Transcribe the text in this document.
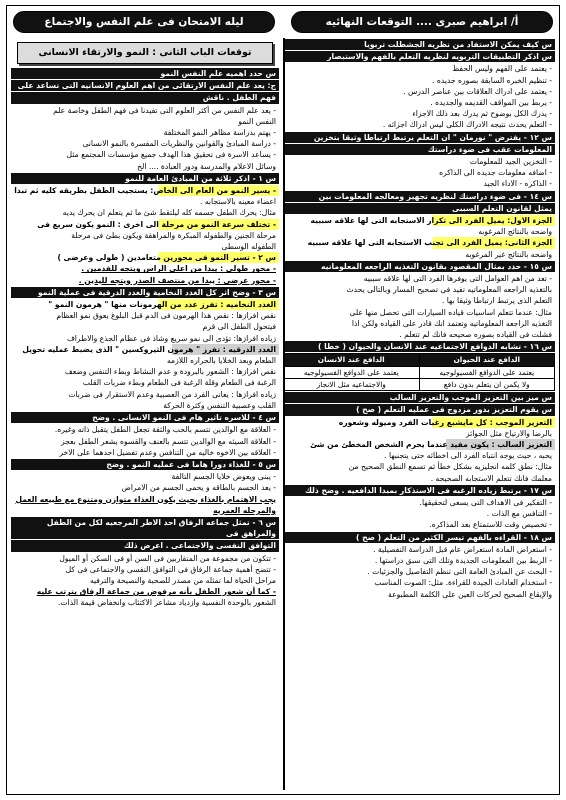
أ/ ابراهيم صبرى .... التوقعات النهائيه
ليله الامتحان فى علم النفس والاجتماع
س كيف يمكن الاستفاد من نظريه الجشطلت تربويا
س اذكر التطبيقات التربويه لنظريه التعلم بالفهم والاستبصار
- يعتمد على الفهم وليس الحفظ
- تنظيم الخبره السابقة بصوره جديده .
- يعتمد على ادراك العلاقات بين عناصر الدرس .
- يربط بين المواقف القديمه والجديده .
- يدرك الكل بوضوح ثم يدرك بعد ذلك الاجزاء
- التعلم يحدث نتيجه الادراك الكلى ليس ادراك اجزائه .
س ١٢ - يفترض " نورمان " ان التعلم يرتبط ارتباطا وثيقا بتخزين
المعلومات عقب فى ضوء دراستك
- التخزين الجيد للمعلومات
- اضافه معلومات جديده الى الذاكره
- الذاكره - الاداء الجيد
س ١٤ - فى ضوء دراستك لنظريه تجهيز ومعالجه المعلومات بين
يمثل لقانون التعلم السببى
الجزء الاول: يميل الفرد الى تكرار الاستجابه التى لها علاقه سببيه
واضحه بالنتائج المرغوبه
الجزء الثانى: يميل الفرد الى تجنب الاستجابه التى لها علاقه سببيه
واضحه بالنتائج غير المرغوبه
س ١٥ - حدد بمثال المقصود بقانون التغذيه الراجعه المعلوماتيه
- تعد من اهم العوامل التى يوفرها الفرد التى لها علاقه سببيه
بالتغذيه الراجعه المعلوماتيه تفيد فى تصحيح المسار وبالتالى يحدث
التعلم الذى يرتبط ارتباطا وثيقا بها .
مثال: عندما تتعلم اساسيات قياده السيارات التى تحصل منها على
التغذيه الراجعه المعلوماتيه وتعتمد انك قادر على القياده ولكن اذا
فشلت فى القياده بصوره صحيحه فانك لم تتعلم .
س ١٦ - تشابه الدوافع الاجتماعيه عند الانسان والحيوان ( خطا )
الدافع عند الحيوان	الدافع عند الانسان
يعتمد على الدوافع الفسيولوجيه	يعتمد على الدوافع الفسيولوجيه
ولا يكمن ان يتعلم بدون دافع	والاجتماعيه مثل الانجاز
س ميز بين التعزيز الموجب والتعزيز السالب
س يقوم التعزيز بدور مزدوج فى عمليه التعلم ( صح )
التعزيز الموجب : كل مايشبع رغبات الفرد وميوله وشعوره
بالرضا والارتياح مثل الجوائز
التعزيز السالب : يكون مفيد عندما يحرم الشخص المخطئ من شئ
يحبه ، حيث يوجه انتباه الفرد الى اخطائه حتى يتجنبها .
مثال: نطق كلمه انجليزيه بشكل خطأ ثم تسمع النطق الصحيح من
معلمك فانك تتعلم الاستجابه الصحيحه .
س ١٧ - يرتبط زياده الرغبه فى الاستذكار بمبدا الدافعيه . وضح ذلك
- التفكير فى الاهداف التى يسعى لتحقيقها.
- التنافس مع الذات .
- تخصيص وقت للاستمتاع بعد المذاكره.
س ١٨ - القراءه بالفهم تيسر الكثير من التعلم ( صح )
- استعراض المادة استعراض عام قبل الدراسة التفصيلية .
- الربط بين المعلومات الجديدة وتلك التى سبق دراستها .
- البحث عن المبادئ العامة التى تنظم التفاصيل والجزئيات .
- استخدام العادات الجيدة للقراءة. مثل: الصوت المناسب
والإيقاع الصحيح لحركات العين على الكلمة المطبوعة
توقعات الباب الثانى : النمو والارتقاء الانسانى
س حدد اهميه علم النفس النمو
ج: يعد علم النفس الارتقائى من اهم العلوم الانسانيه التى تساعد على
فهم الطفل . ناقش
- يعد علم النفس من أكثر العلوم التى تفيدنا فى فهم الطفل وخاصة علم
النفس النمو
- يهتم بدراسة مظاهر النمو المختلفة
- دراسة المبادئ والقوانين والنظريات المفسرة بالنمو الانسانى
- يساعد الاسرة فى تحقيق هذا الهدف جميع مؤسسات المجتمع مثل
وسائل الاعلام والمدرسة ودور العبادة .... الخ
س ١ - اذكر ثلاثة من المبادئ العامة للنمو
- يسير النمو من العام الى الخاص: يستجيب الطفل بطريقه كليه ثم تبدا
اعضاء معينه بالاستجابه .
مثال: يحرك الطفل جسمه كله ليلتقط شئ ما ثم يتعلم ان يحرك يديه
- تختلف سرعة النمو من مرحلة الى اخرى : النمو يكون سريع فى
مرحلة الجنين والطفوله المبكرة والمراهقة ويكون بطئ فى مرحلة
الطفوله الوسطى
س ٢ - تسير النمو فى محورين متعامدين ( طولى وعرضى )
- محور طولى : يبدا من اعلى الراس ويتجه للقدمين .
- محور عرضى : يبدا من منتصف الصدر ويتجه لليدين .
س ٣ - وضح اثر كل الغدد النخامية والغدد الدرقية فى عملية النمو
الغدد النخاميه : تفرز عدد من الهرمونات منها " هرمون النمو "
نقص افرازها : نقص هذا الهرمون فى الدم قبل البلوغ يعوق نمو العظام
فيتحول الطفل الى قزم
زياده افرازها: تؤدى الى نمو سريع وشاذ فى عظام الجذع والاطراف
الغدد الدرقيه : تفرز " هرمون الثيروكسين " الذى يضبط عمليه تحويل
الطعام وبعد الخلايا بالحراره اللازمه
نقص افرازها : الشعور بالبرودة و عدم النشاط وبطء التنفس وضعف
الرغبة فى الطعام وقلة الرغبة فى الطعام وبطء ضربات القلب
زياده افرازها : يعانى الفرد من العصبية وعدم الاستقرار فى ضربات
القلب وعصبية التنفس وكثرة الحركة
س ٤ - للاسره تاثير هام فى النمو الانسانى . وضح
- العلاقة مع الوالدين تتسم بالحب والثقة تجعل الطفل يتقبل ذاته وغيره.
- العلاقة السيئه مع الوالدين تتسم بالعنف والقسوه يشعر الطفل بعجز
- العلاقه بين الاخوه خاليه من التنافس وعدم تفضيل احدهما على الاخر
س ٥ - للغذاء دورا هاما فى عمليه النمو . وضح
- يبنى ويعوض خلايا الجسم التالفة
- يعد الجسم بالطاقه و يحمى الجسم من الامراض
يجب الاهتمام بالغذاء بحيث يكون الغذاء متوازن ومتنوع مع طبيعه العمل
والمرحله العمريه
س ٦ - تمثل جماعه الرفاق احد الاطر المرجعيه لكل من الطفل والمراهق فى
التوافق النفسى والاجتماعى . اعرض ذلك
- تتكون من مجموعة من المتقاربين فى السن أو فى السكن أو الميول
- تتضح أهمية جماعة الرفاق فى التوافق النفسى والاجتماعى فى كل
مراحل الحياة لما تمثله من مصدر للصحبة والنصيحة والترفيه
- كما أن شعور الطفل بأنه مرفوض من جماعة الرفاق يترتب عليه
الشعور بالوحدة النفسية وازدياد مشاعر الاكتئاب وانخفاض قيمة الذات.
